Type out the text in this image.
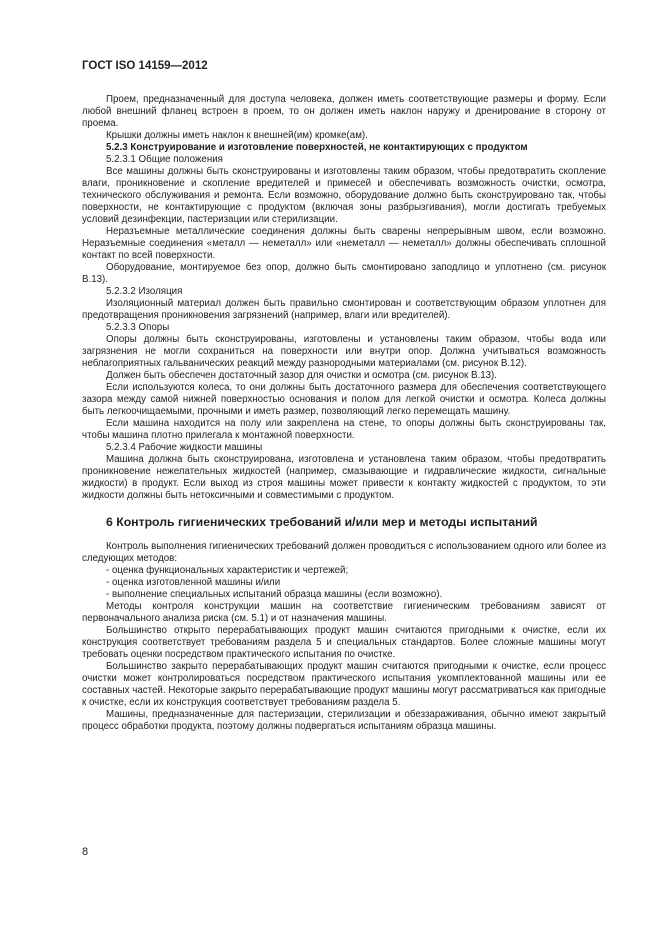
ГОСТ ISO 14159—2012

Проем, предназначенный для доступа человека, должен иметь соответствующие размеры и форму. Если любой внешний фланец встроен в проем, то он должен иметь наклон наружу и дренирование в сторону от проема.

Крышки должны иметь наклон к внешней(им) кромке(ам).

5.2.3 Конструирование и изготовление поверхностей, не контактирующих с продуктом
5.2.3.1 Общие положения

Все машины должны быть сконструированы и изготовлены таким образом, чтобы предотвратить скопление влаги, проникновение и скопление вредителей и примесей и обеспечивать возможность очистки, осмотра, технического обслуживания и ремонта. Если возможно, оборудование должно быть сконструировано так, чтобы поверхности, не контактирующие с продуктом (включая зоны разбрызгивания), могли достигать требуемых условий дезинфекции, пастеризации или стерилизации.

Неразъемные металлические соединения должны быть сварены непрерывным швом, если возможно. Неразъемные соединения «металл — неметалл» или «неметалл — неметалл» должны обеспечивать сплошной контакт по всей поверхности.

Оборудование, монтируемое без опор, должно быть смонтировано заподлицо и уплотнено (см. рисунок В.13).

5.2.3.2 Изоляция

Изоляционный материал должен быть правильно смонтирован и соответствующим образом уплотнен для предотвращения проникновения загрязнений (например, влаги или вредителей).

5.2.3.3 Опоры

Опоры должны быть сконструированы, изготовлены и установлены таким образом, чтобы вода или загрязнения не могли сохраниться на поверхности или внутри опор. Должна учитываться возможность неблагоприятных гальванических реакций между разнородными материалами (см. рисунок В.12).

Должен быть обеспечен достаточный зазор для очистки и осмотра (см. рисунок В.13).

Если используются колеса, то они должны быть достаточного размера для обеспечения соответствующего зазора между самой нижней поверхностью основания и полом для легкой очистки и осмотра. Колеса должны быть легкоочищаемыми, прочными и иметь размер, позволяющий легко перемещать машину.

Если машина находится на полу или закреплена на стене, то опоры должны быть сконструированы так, чтобы машина плотно прилегала к монтажной поверхности.

5.2.3.4 Рабочие жидкости машины

Машина должна быть сконструирована, изготовлена и установлена таким образом, чтобы предотвратить проникновение нежелательных жидкостей (например, смазывающие и гидравлические жидкости, сигнальные жидкости) в продукт. Если выход из строя машины может привести к контакту жидкостей с продуктом, то эти жидкости должны быть нетоксичными и совместимыми с продуктом.

6 Контроль гигиенических требований и/или мер и методы испытаний

Контроль выполнения гигиенических требований должен проводиться с использованием одного или более из следующих методов:

- оценка функциональных характеристик и чертежей;
- оценка изготовленной машины и/или
- выполнение специальных испытаний образца машины (если возможно).

Методы контроля конструкции машин на соответствие гигиеническим требованиям зависят от первоначального анализа риска (см. 5.1) и от назначения машины.

Большинство открыто перерабатывающих продукт машин считаются пригодными к очистке, если их конструкция соответствует требованиям раздела 5 и специальных стандартов. Более сложные машины могут требовать оценки посредством практического испытания по очистке.

Большинство закрыто перерабатывающих продукт машин считаются пригодными к очистке, если процесс очистки может контролироваться посредством практического испытания укомплектованной машины или ее составных частей. Некоторые закрыто перерабатывающие продукт машины могут рассматриваться как пригодные к очистке, если их конструкция соответствует требованиям раздела 5.

Машины, предназначенные для пастеризации, стерилизации и обеззараживания, обычно имеют закрытый процесс обработки продукта, поэтому должны подвергаться испытаниям образца машины.

8
